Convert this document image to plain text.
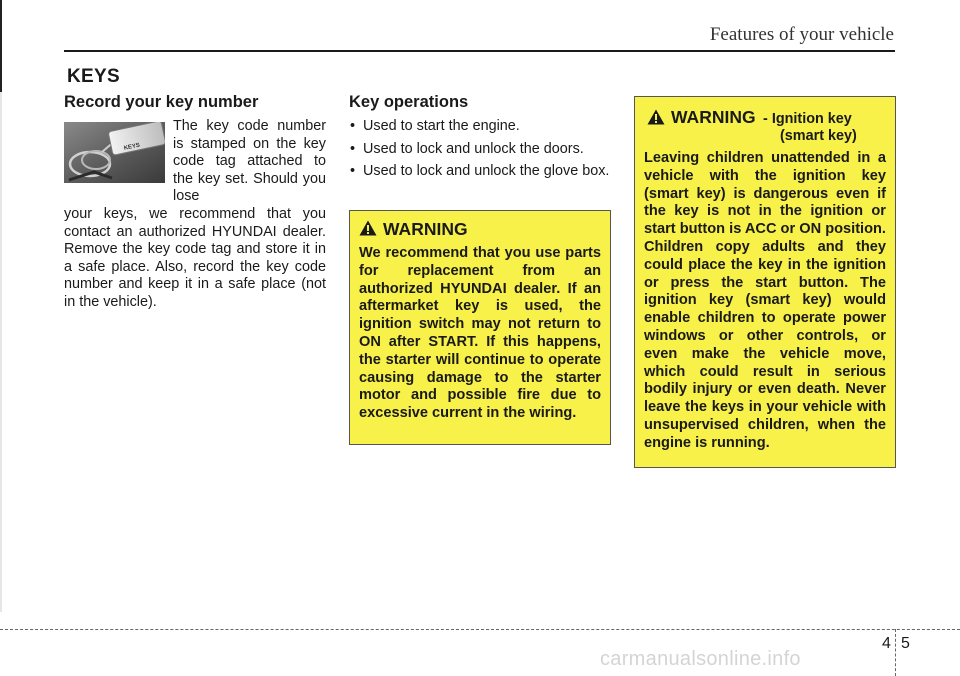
Features of your vehicle
KEYS
Record your key number
KEYS
The key code number is stamped on the key code tag attached to the key set. Should you lose
your keys, we recommend that you contact an authorized HYUNDAI dealer. Remove the key code tag and store it in a safe place. Also, record the key code number and keep it in a safe place (not in the vehicle).
Key operations
• Used to start the engine.
• Used to lock and unlock the doors.
• Used to lock and unlock the glove box.
WARNING
We recommend that you use parts for replacement from an authorized HYUNDAI dealer. If an aftermarket key is used, the ignition switch may not return to ON after START. If this happens, the starter will continue to operate causing damage to the starter motor and possible fire due to excessive current in the wiring.
WARNING - Ignition key
(smart key)
Leaving children unattended in a vehicle with the ignition key (smart key) is dangerous even if the key is not in the ignition or start button is ACC or ON position. Children copy adults and they could place the key in the ignition or press the start button. The ignition key (smart key) would enable children to operate power windows or other controls, or even make the vehicle move, which could result in serious bodily injury or even death. Never leave the keys in your vehicle with unsupervised children, when the engine is running.
4 5
carmanualsonline.info
